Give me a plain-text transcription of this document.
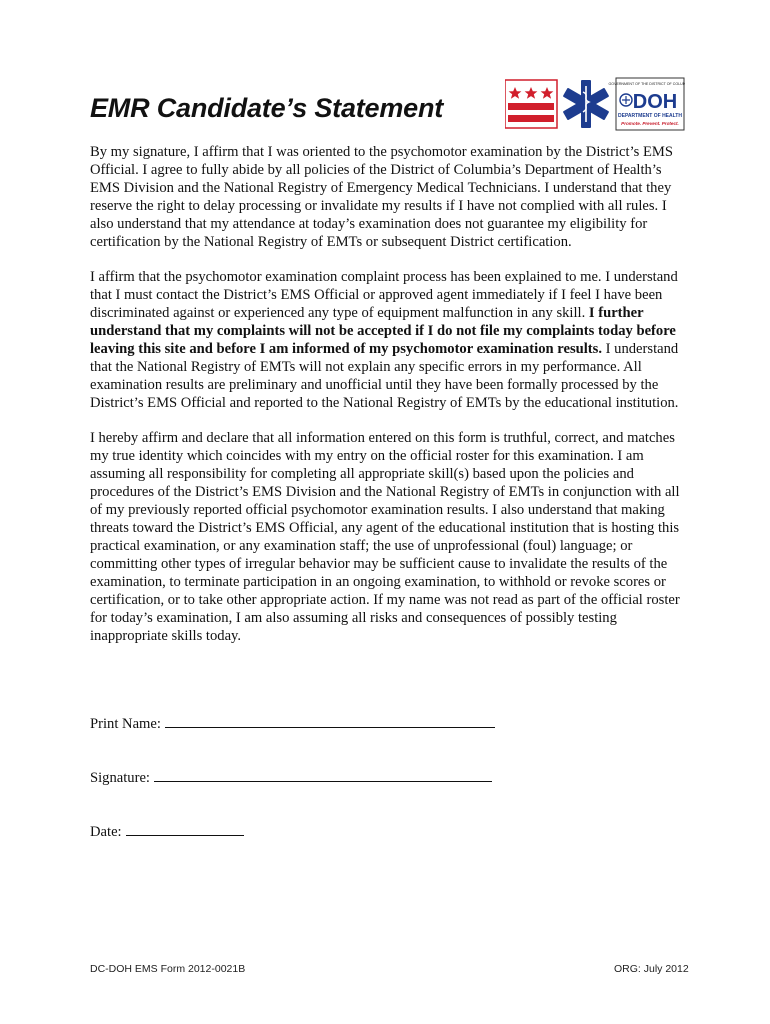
EMR Candidate’s Statement
GOVERNMENT OF THE DISTRICT OF COLUMBIA
DOH
DEPARTMENT OF HEALTH
Promote. Prevent. Protect.

By my signature, I affirm that I was oriented to the psychomotor examination by the District’s EMS Official. I agree to fully abide by all policies of the District of Columbia’s Department of Health’s EMS Division and the National Registry of Emergency Medical Technicians. I understand that they reserve the right to delay processing or invalidate my results if I have not complied with all rules. I also understand that my attendance at today’s examination does not guarantee my eligibility for certification by the National Registry of EMTs or subsequent District certification.

I affirm that the psychomotor examination complaint process has been explained to me. I understand that I must contact the District’s EMS Official or approved agent immediately if I feel I have been discriminated against or experienced any type of equipment malfunction in any skill. I further understand that my complaints will not be accepted if I do not file my complaints today before leaving this site and before I am informed of my psychomotor examination results. I understand that the National Registry of EMTs will not explain any specific errors in my performance. All examination results are preliminary and unofficial until they have been formally processed by the District’s EMS Official and reported to the National Registry of EMTs by the educational institution.

I hereby affirm and declare that all information entered on this form is truthful, correct, and matches my true identity which coincides with my entry on the official roster for this examination. I am assuming all responsibility for completing all appropriate skill(s) based upon the policies and procedures of the District’s EMS Division and the National Registry of EMTs in conjunction with all of my previously reported official psychomotor examination results. I also understand that making threats toward the District’s EMS Official, any agent of the educational institution that is hosting this practical examination, or any examination staff; the use of unprofessional (foul) language; or committing other types of irregular behavior may be sufficient cause to invalidate the results of the examination, to terminate participation in an ongoing examination, to withhold or revoke scores or certification, or to take other appropriate action. If my name was not read as part of the official roster for today’s examination, I am also assuming all risks and consequences of possibly testing inappropriate skills today.

Print Name:
Signature:
Date:
DC-DOH EMS Form 2012-0021B	ORG: July 2012
